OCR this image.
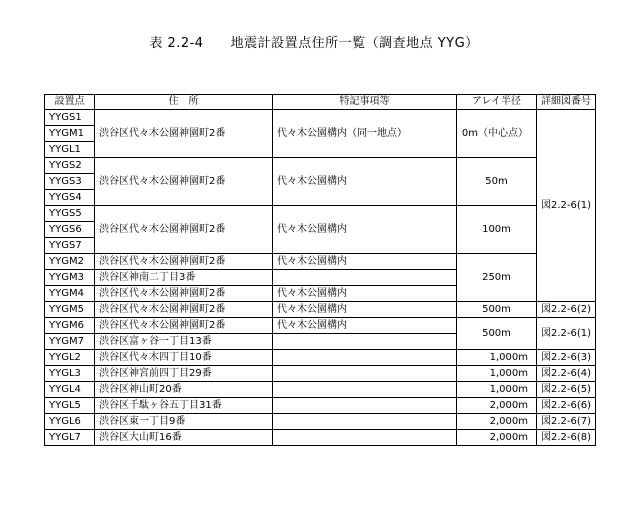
表 2.2-4　　地震計設置点住所一覧（調査地点 YYG）
設置点	住　所	特記事項等	アレイ半径	詳細図番号
YYGS1	渋谷区代々木公園神園町2番	代々木公園構内（同一地点）	0m（中心点）	図2.2-6(1)
YYGM1				
YYGL1				
YYGS2	渋谷区代々木公園神園町2番	代々木公園構内	50m	
YYGS3				
YYGS4				
YYGS5	渋谷区代々木公園神園町2番	代々木公園構内	100m	
YYGS6				
YYGS7				
YYGM2	渋谷区代々木公園神園町2番	代々木公園構内	250m	
YYGM3	渋谷区神南二丁目3番			
YYGM4	渋谷区代々木公園神園町2番	代々木公園構内		
YYGM5	渋谷区代々木公園神園町2番	代々木公園構内	500m	図2.2-6(2)
YYGM6	渋谷区代々木公園神園町2番	代々木公園構内	500m	図2.2-6(1)
YYGM7	渋谷区富ヶ谷一丁目13番			
YYGL2	渋谷区代々木四丁目10番		1,000m	図2.2-6(3)
YYGL3	渋谷区神宮前四丁目29番		1,000m	図2.2-6(4)
YYGL4	渋谷区神山町20番		1,000m	図2.2-6(5)
YYGL5	渋谷区千駄ヶ谷五丁目31番		2,000m	図2.2-6(6)
YYGL6	渋谷区東一丁目9番		2,000m	図2.2-6(7)
YYGL7	渋谷区大山町16番		2,000m	図2.2-6(8)
